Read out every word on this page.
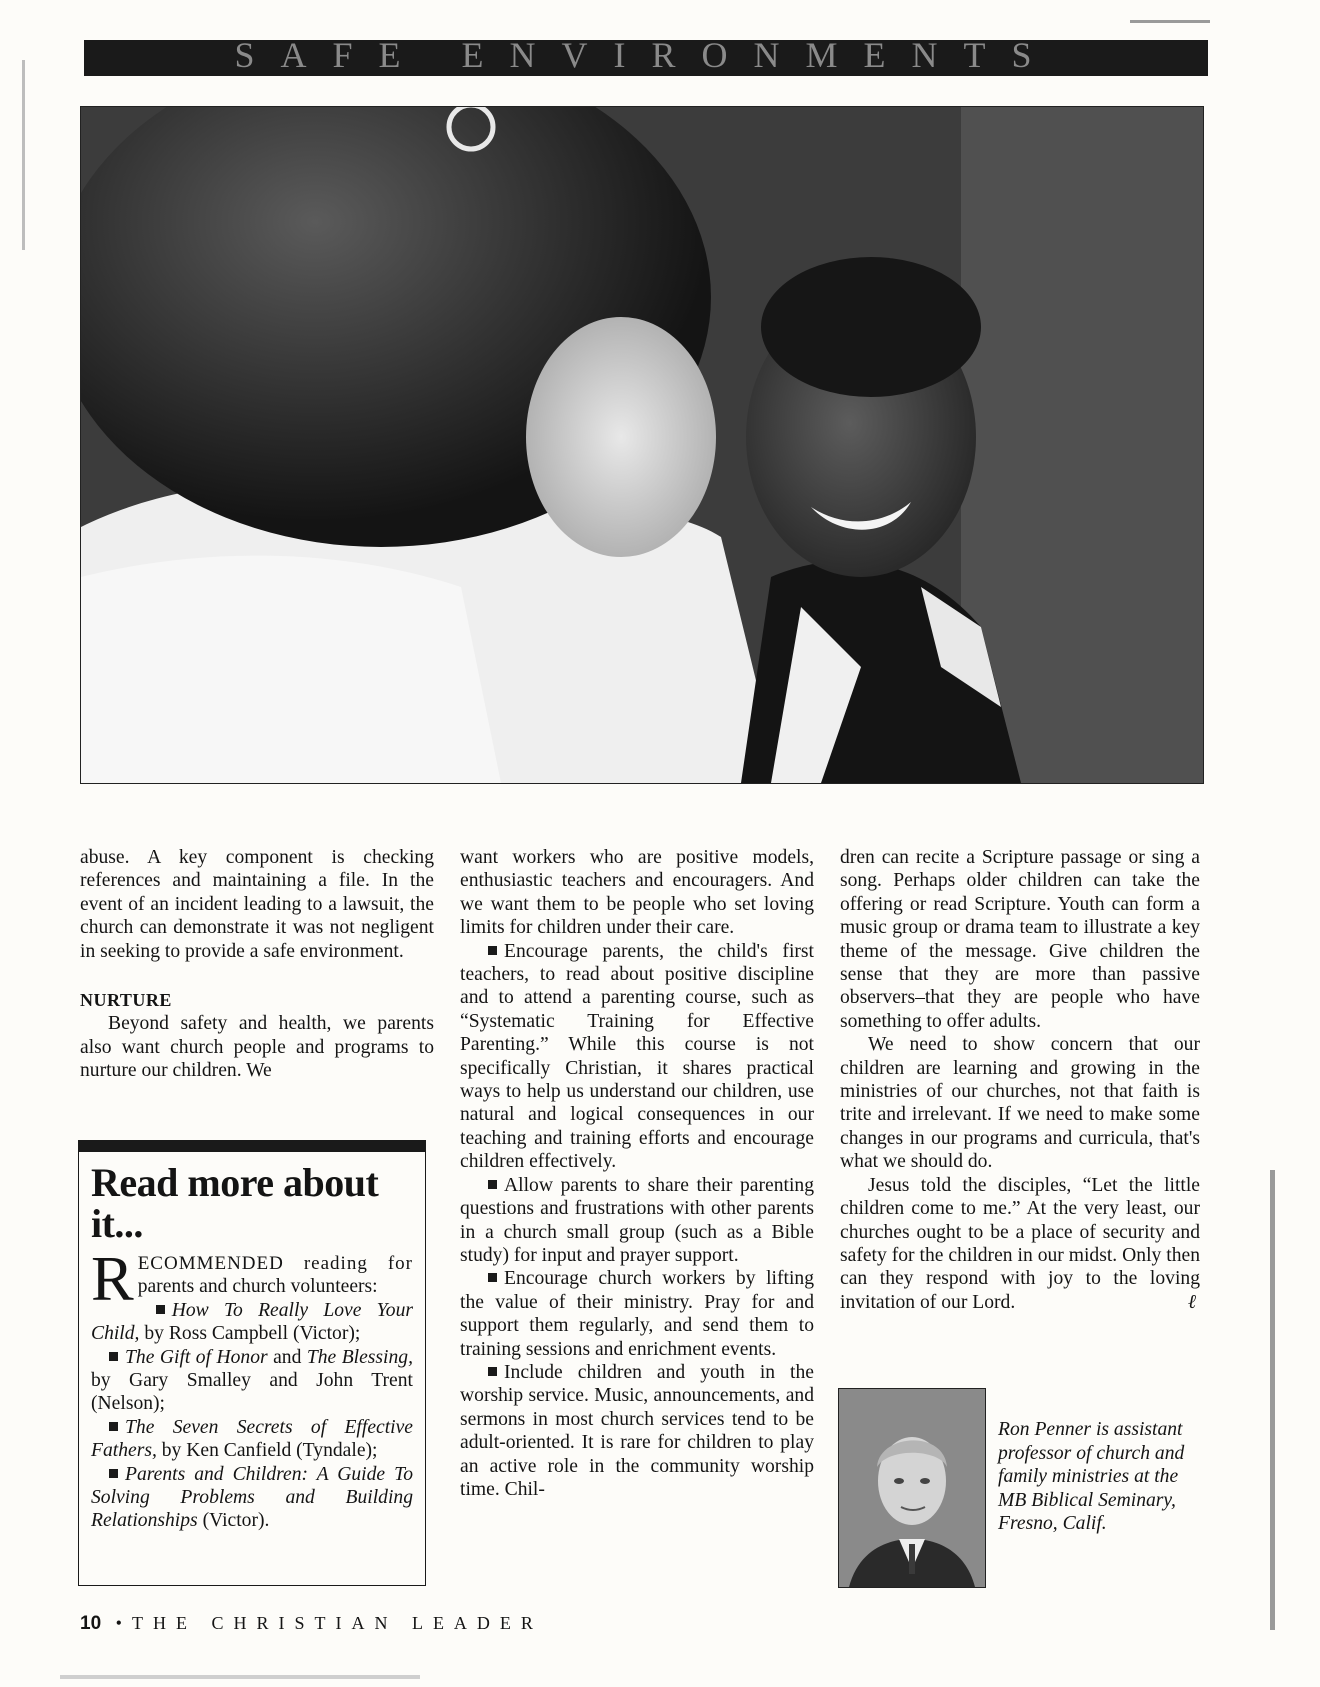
SAFE ENVIRONMENTS

abuse. A key component is checking references and maintaining a file. In the event of an incident leading to a lawsuit, the church can demonstrate it was not negligent in seeking to provide a safe environment.

NURTURE

Beyond safety and health, we parents also want church people and programs to nurture our children. We

Read more about it...

RECOMMENDED reading for parents and church volunteers:

How To Really Love Your Child, by Ross Campbell (Victor);

The Gift of Honor and The Blessing, by Gary Smalley and John Trent (Nelson);

The Seven Secrets of Effective Fathers, by Ken Canfield (Tyndale);

Parents and Children: A Guide To Solving Problems and Building Relationships (Victor).

want workers who are positive models, enthusiastic teachers and encouragers. And we want them to be people who set loving limits for children under their care.

Encourage parents, the child's first teachers, to read about positive discipline and to attend a parenting course, such as “Systematic Training for Effective Parenting.” While this course is not specifically Christian, it shares practical ways to help us understand our children, use natural and logical consequences in our teaching and training efforts and encourage children effectively.

Allow parents to share their parenting questions and frustrations with other parents in a church small group (such as a Bible study) for input and prayer support.

Encourage church workers by lifting the value of their ministry. Pray for and support them regularly, and send them to training sessions and enrichment events.

Include children and youth in the worship service. Music, announcements, and sermons in most church services tend to be adult-oriented. It is rare for children to play an active role in the community worship time. Chil-

dren can recite a Scripture passage or sing a song. Perhaps older children can take the offering or read Scripture. Youth can form a music group or drama team to illustrate a key theme of the message. Give children the sense that they are more than passive observers–that they are people who have something to offer adults.

We need to show concern that our children are learning and growing in the ministries of our churches, not that faith is trite and irrelevant. If we need to make some changes in our programs and curricula, that's what we should do.

Jesus told the disciples, “Let the little children come to me.” At the very least, our churches ought to be a place of security and safety for the children in our midst. Only then can they respond with joy to the loving invitation of our Lord.	ℓ

Ron Penner is assistant professor of church and family ministries at the MB Biblical Seminary, Fresno, Calif.
10 •THE CHRISTIAN LEADER
